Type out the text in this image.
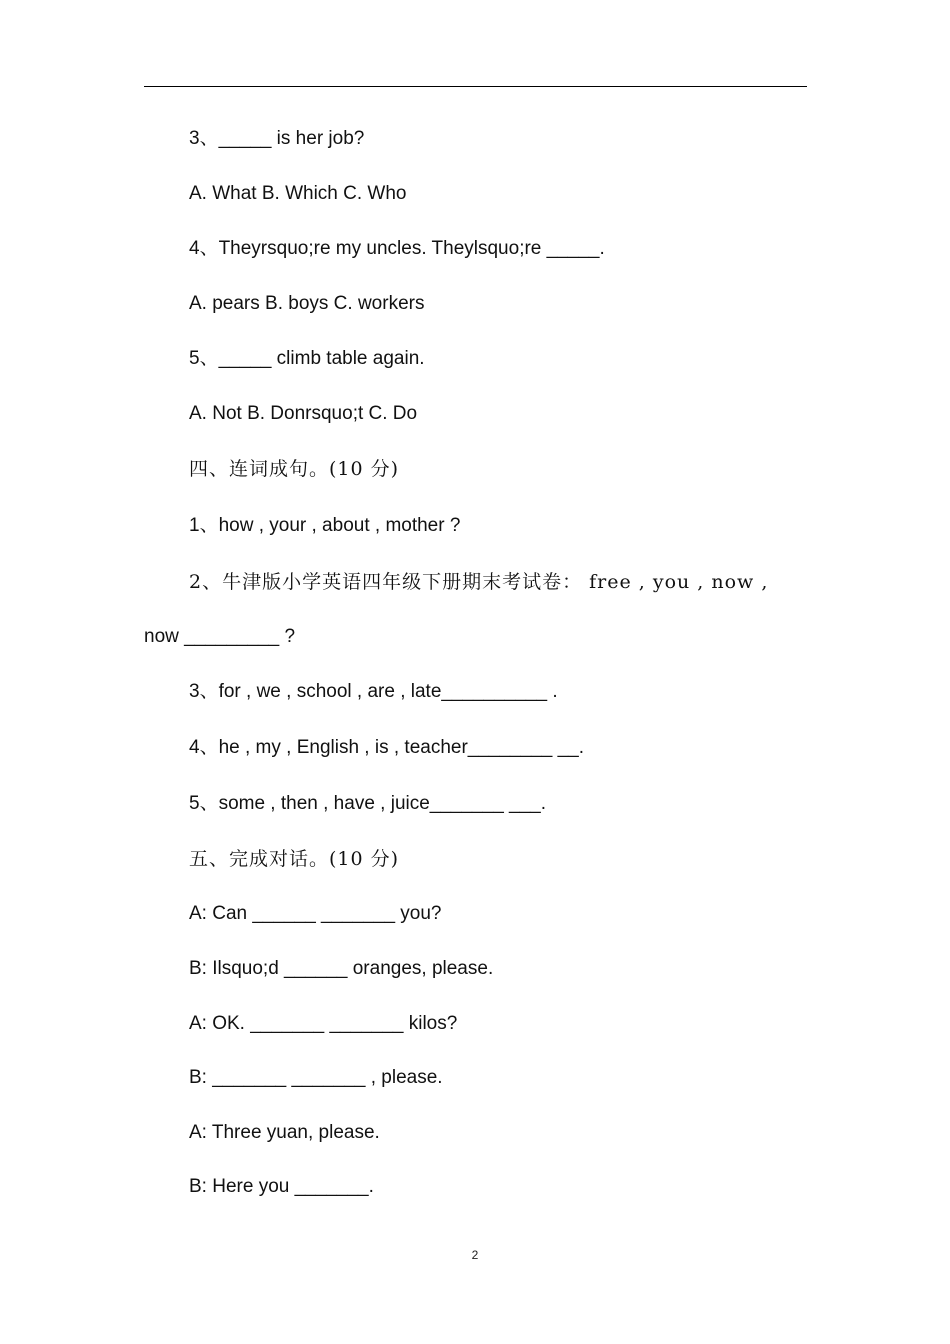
3、_____ is her job?
A. What B. Which C. Who
4、Theyrsquo;re my uncles. Theylsquo;re _____.
A. pears B. boys C. workers
5、_____ climb table again.
A. Not B. Donrsquo;t C. Do
四、连词成句。(10 分)
1、how , your , about , mother ?
2、牛津版小学英语四年级下册期末考试卷： free , you , now ,
now _________ ?
3、for , we , school , are , late__________ .
4、he , my , English , is , teacher________ __.
5、some , then , have , juice_______ ___.
五、完成对话。(10 分)
A: Can ______ _______ you?
B: Ilsquo;d ______ oranges, please.
A: OK. _______ _______ kilos?
B: _______ _______ , please.
A: Three yuan, please.
B: Here you _______.
2
